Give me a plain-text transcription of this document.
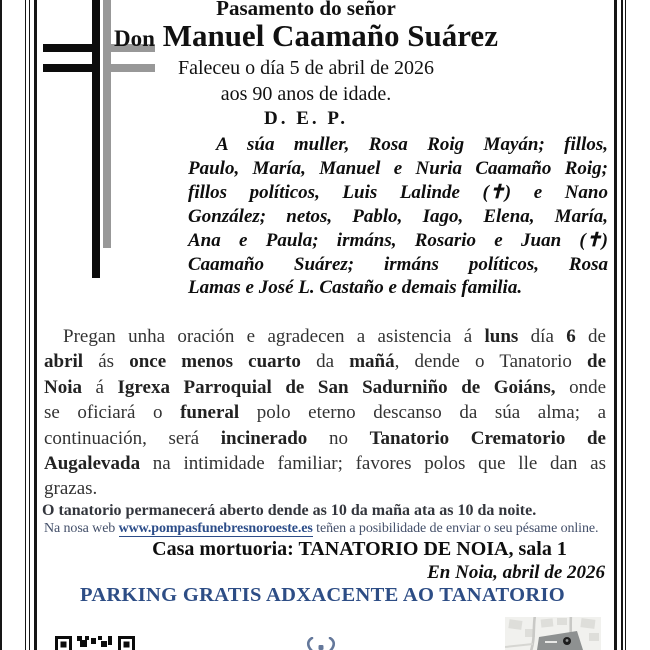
Pasamento do señor
Don Manuel Caamaño Suárez
Faleceu o día 5 de abril de 2026
aos 90 anos de idade.
D. E. P.
A súa muller, Rosa Roig Mayán; fillos,
Paulo, María, Manuel e Nuria Caamaño Roig;
fillos políticos, Luis Lalinde (✝) e Nano
González; netos, Pablo, Iago, Elena, María,
Ana e Paula; irmáns, Rosario e Juan (✝)
Caamaño Suárez; irmáns políticos, Rosa
Lamas e José L. Castaño e demais familia.
Pregan unha oración e agradecen a asistencia á luns día 6 de
abril ás once menos cuarto da mañá, dende o Tanatorio de
Noia á Igrexa Parroquial de San Sadurniño de Goiáns, onde
se oficiará o funeral polo eterno descanso da súa alma; a
continuación, será incinerado no Tanatorio Crematorio de
Augalevada na intimidade familiar; favores polos que lle dan as
grazas.
O tanatorio permanecerá aberto dende as 10 da maña ata as 10 da noite.
Na nosa web www.pompasfunebresnoroeste.es teñen a posibilidade de enviar o seu pésame online.
Casa mortuoria: TANATORIO DE NOIA, sala 1
En Noia, abril de 2026
PARKING GRATIS ADXACENTE AO TANATORIO
